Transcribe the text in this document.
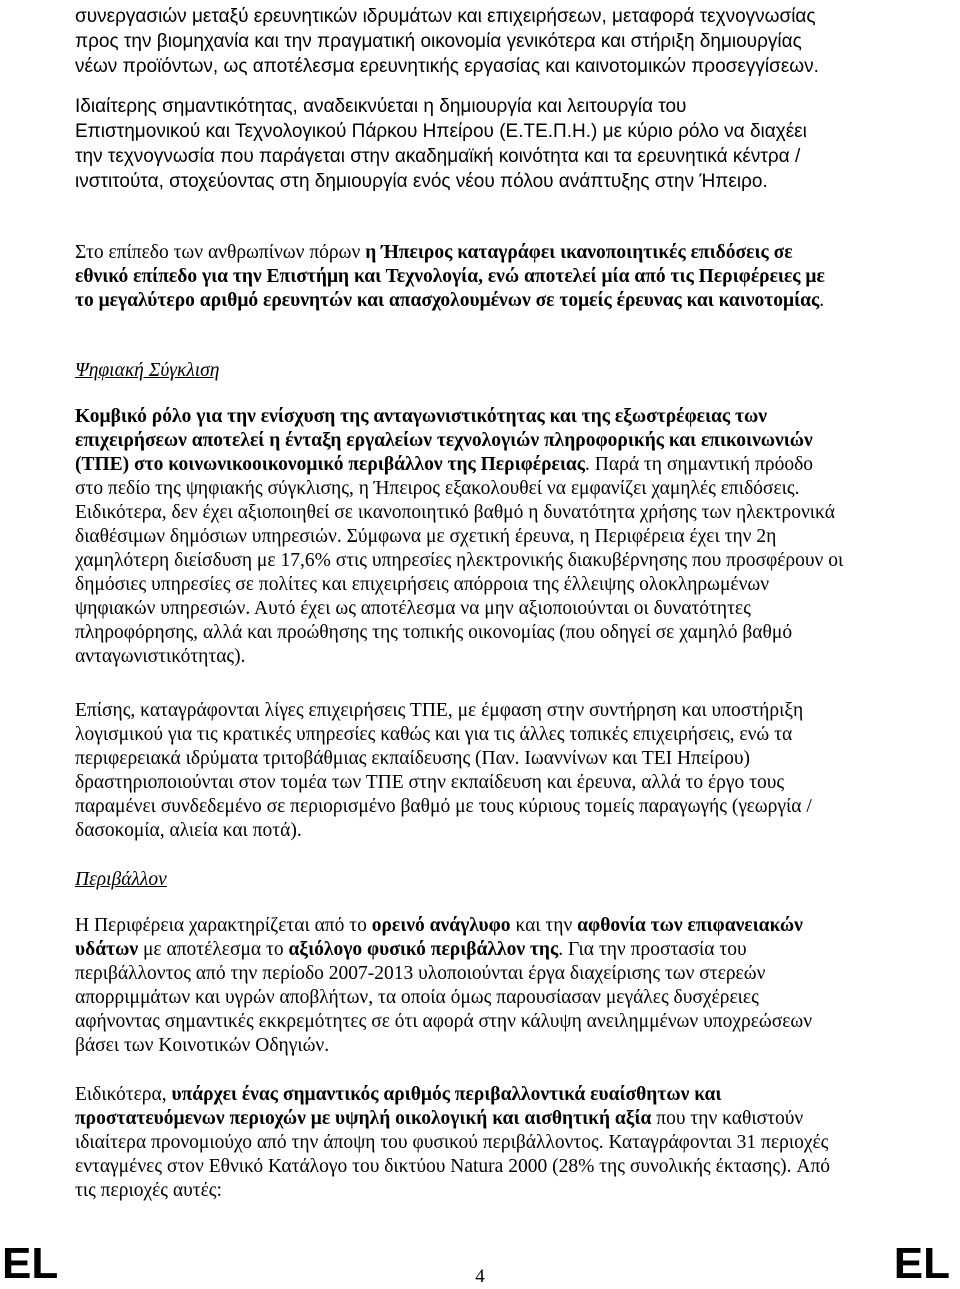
συνεργασιών μεταξύ ερευνητικών ιδρυμάτων και επιχειρήσεων, μεταφορά τεχνογνωσίας προς την βιομηχανία και την πραγματική οικονομία γενικότερα και στήριξη δημιουργίας νέων προϊόντων, ως αποτέλεσμα ερευνητικής εργασίας και καινοτομικών προσεγγίσεων.

Ιδιαίτερης σημαντικότητας, αναδεικνύεται η δημιουργία και λειτουργία του Επιστημονικού και Τεχνολογικού Πάρκου Ηπείρου (Ε.ΤΕ.Π.Η.) με κύριο ρόλο να διαχέει την τεχνογνωσία που παράγεται στην ακαδημαϊκή κοινότητα και τα ερευνητικά κέντρα / ινστιτούτα, στοχεύοντας στη δημιουργία ενός νέου πόλου ανάπτυξης στην Ήπειρο.

Στο επίπεδο των ανθρωπίνων πόρων η Ήπειρος καταγράφει ικανοποιητικές επιδόσεις σε εθνικό επίπεδο για την Επιστήμη και Τεχνολογία, ενώ αποτελεί μία από τις Περιφέρειες με το μεγαλύτερο αριθμό ερευνητών και απασχολουμένων σε τομείς έρευνας και καινοτομίας.

Ψηφιακή Σύγκλιση

Κομβικό ρόλο για την ενίσχυση της ανταγωνιστικότητας και της εξωστρέφειας των επιχειρήσεων αποτελεί η ένταξη εργαλείων τεχνολογιών πληροφορικής και επικοινωνιών (ΤΠΕ) στο κοινωνικοοικονομικό περιβάλλον της Περιφέρειας. Παρά τη σημαντική πρόοδο στο πεδίο της ψηφιακής σύγκλισης, η Ήπειρος εξακολουθεί να εμφανίζει χαμηλές επιδόσεις. Ειδικότερα, δεν έχει αξιοποιηθεί σε ικανοποιητικό βαθμό η δυνατότητα χρήσης των ηλεκτρονικά διαθέσιμων δημόσιων υπηρεσιών. Σύμφωνα με σχετική έρευνα, η Περιφέρεια έχει την 2η χαμηλότερη διείσδυση με 17,6% στις υπηρεσίες ηλεκτρονικής διακυβέρνησης που προσφέρουν οι δημόσιες υπηρεσίες σε πολίτες και επιχειρήσεις απόρροια της έλλειψης ολοκληρωμένων ψηφιακών υπηρεσιών. Αυτό έχει ως αποτέλεσμα να μην αξιοποιούνται οι δυνατότητες πληροφόρησης, αλλά και προώθησης της τοπικής οικονομίας (που οδηγεί σε χαμηλό βαθμό ανταγωνιστικότητας).

Επίσης, καταγράφονται λίγες επιχειρήσεις ΤΠΕ, με έμφαση στην συντήρηση και υποστήριξη λογισμικού για τις κρατικές υπηρεσίες καθώς και για τις άλλες τοπικές επιχειρήσεις, ενώ τα περιφερειακά ιδρύματα τριτοβάθμιας εκπαίδευσης (Παν. Ιωαννίνων και ΤΕΙ Ηπείρου) δραστηριοποιούνται στον τομέα των ΤΠΕ στην εκπαίδευση και έρευνα, αλλά το έργο τους παραμένει συνδεδεμένο σε περιορισμένο βαθμό με τους κύριους τομείς παραγωγής (γεωργία / δασοκομία, αλιεία και ποτά).

Περιβάλλον

Η Περιφέρεια χαρακτηρίζεται από το ορεινό ανάγλυφο και την αφθονία των επιφανειακών υδάτων με αποτέλεσμα το αξιόλογο φυσικό περιβάλλον της. Για την προστασία του περιβάλλοντος από την περίοδο 2007-2013 υλοποιούνται έργα διαχείρισης των στερεών απορριμμάτων και υγρών αποβλήτων, τα οποία όμως παρουσίασαν μεγάλες δυσχέρειες αφήνοντας σημαντικές εκκρεμότητες σε ότι αφορά στην κάλυψη ανειλημμένων υποχρεώσεων βάσει των Κοινοτικών Οδηγιών.

Ειδικότερα, υπάρχει ένας σημαντικός αριθμός περιβαλλοντικά ευαίσθητων και προστατευόμενων περιοχών με υψηλή οικολογική και αισθητική αξία που την καθιστούν ιδιαίτερα προνομιούχο από την άποψη του φυσικού περιβάλλοντος. Καταγράφονται 31 περιοχές ενταγμένες στον Εθνικό Κατάλογο του δικτύου Natura 2000 (28% της συνολικής έκτασης). Από τις περιοχές αυτές:

EL	4	EL
